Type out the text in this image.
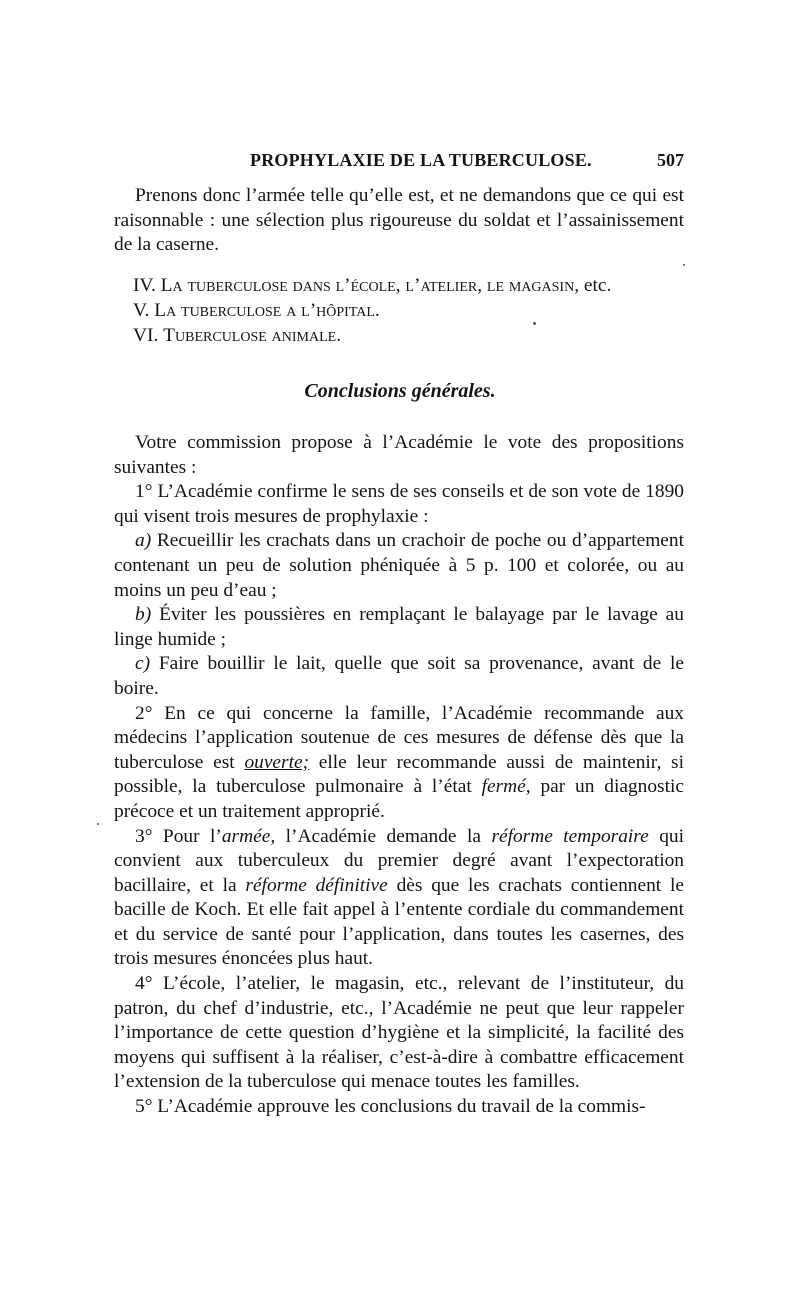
PROPHYLAXIE DE LA TUBERCULOSE.	507

Prenons donc l’armée telle qu’elle est, et ne demandons que ce qui est raisonnable : une sélection plus rigoureuse du soldat et l’assainissement de la caserne.

IV. La tuberculose dans l’école, l’atelier, le magasin, etc.
V. La tuberculose a l’hôpital.
VI. Tuberculose animale.
Conclusions générales.

Votre commission propose à l’Académie le vote des propositions suivantes :

1° L’Académie confirme le sens de ses conseils et de son vote de 1890 qui visent trois mesures de prophylaxie :

a) Recueillir les crachats dans un crachoir de poche ou d’appartement contenant un peu de solution phéniquée à 5 p. 100 et colorée, ou au moins un peu d’eau ;

b) Éviter les poussières en remplaçant le balayage par le lavage au linge humide ;

c) Faire bouillir le lait, quelle que soit sa provenance, avant de le boire.

2° En ce qui concerne la famille, l’Académie recommande aux médecins l’application soutenue de ces mesures de défense dès que la tuberculose est ouverte; elle leur recommande aussi de maintenir, si possible, la tuberculose pulmonaire à l’état fermé, par un diagnostic précoce et un traitement approprié.

3° Pour l’armée, l’Académie demande la réforme temporaire qui convient aux tuberculeux du premier degré avant l’expectoration bacillaire, et la réforme définitive dès que les crachats contiennent le bacille de Koch. Et elle fait appel à l’entente cordiale du commandement et du service de santé pour l’application, dans toutes les casernes, des trois mesures énoncées plus haut.

4° L’école, l’atelier, le magasin, etc., relevant de l’instituteur, du patron, du chef d’industrie, etc., l’Académie ne peut que leur rappeler l’importance de cette question d’hygiène et la simplicité, la facilité des moyens qui suffisent à la réaliser, c’est-à-dire à combattre efficacement l’extension de la tuberculose qui menace toutes les familles.

5° L’Académie approuve les conclusions du travail de la commis-
